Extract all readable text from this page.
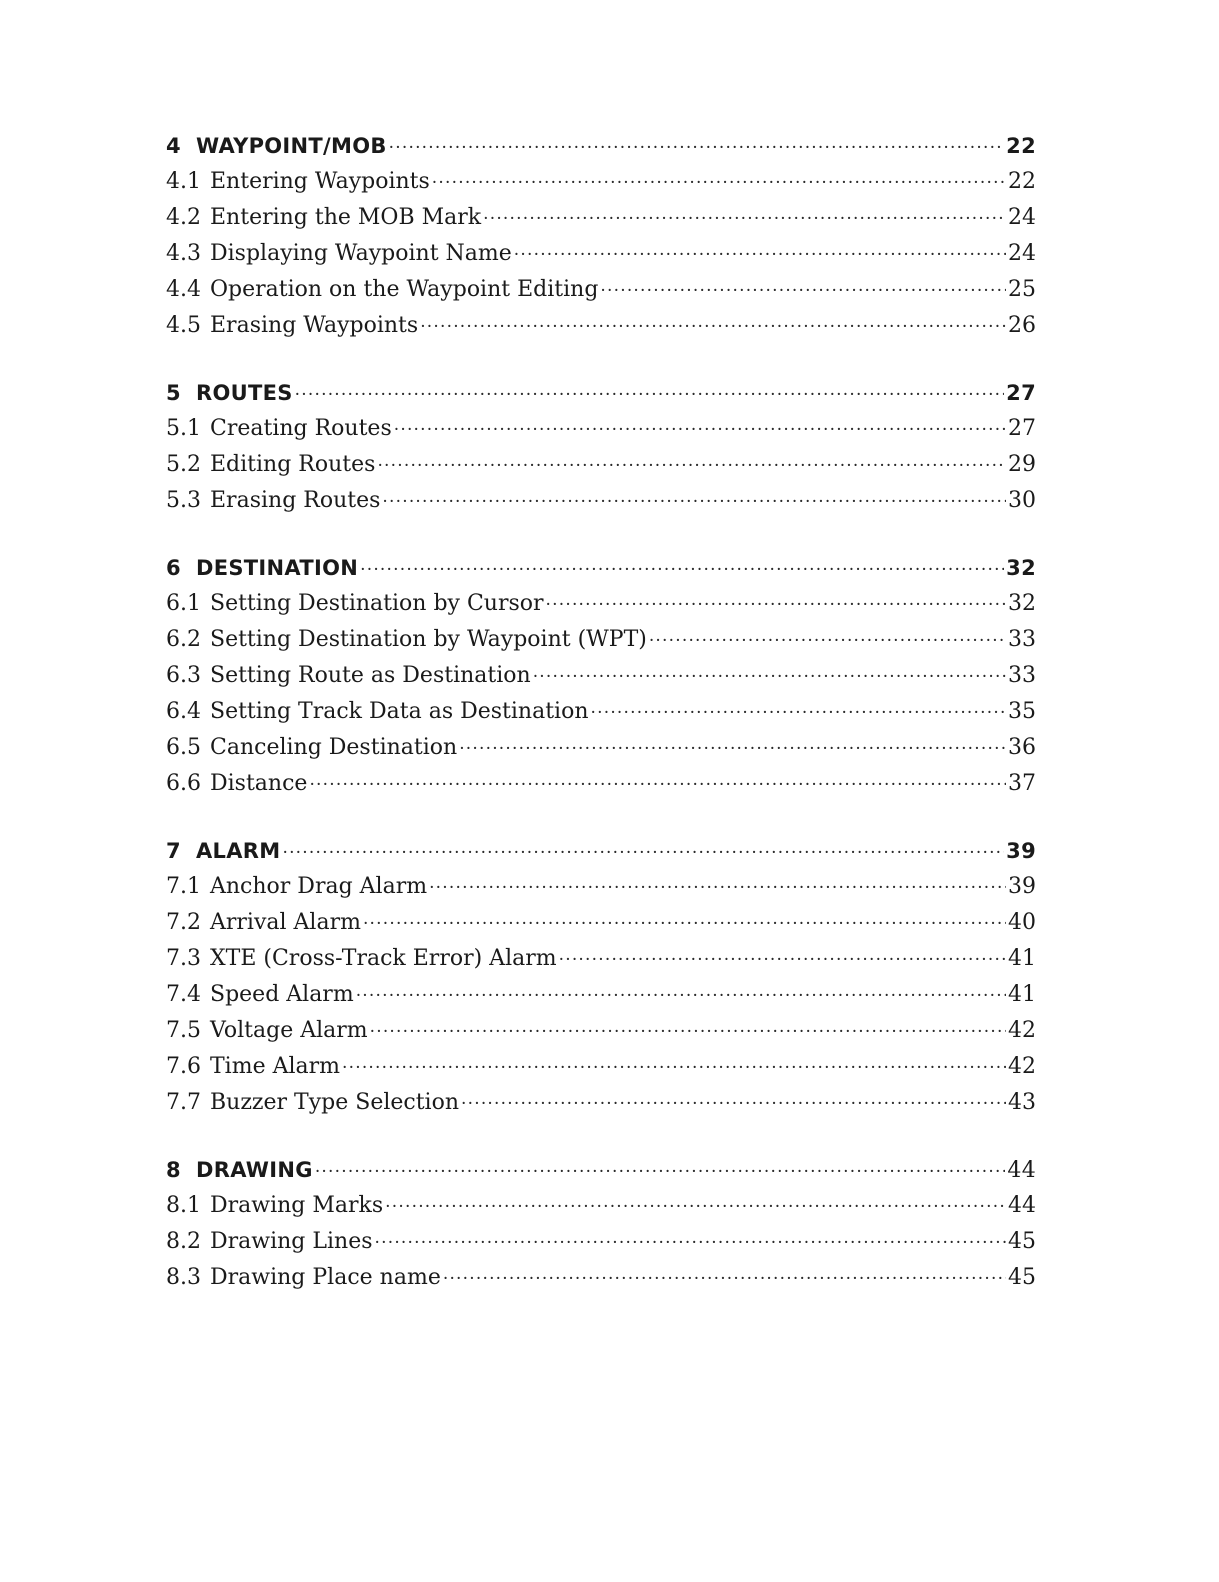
4 WAYPOINT/MOB ·····	22
4.1 Entering Waypoints ·····	22
4.2 Entering the MOB Mark ·····	24
4.3 Displaying Waypoint Name ·····	24
4.4 Operation on the Waypoint Editing ·····	25
4.5 Erasing Waypoints ·····	26
5 ROUTES ·····	27
5.1 Creating Routes ·····	27
5.2 Editing Routes ·····	29
5.3 Erasing Routes ·····	30
6 DESTINATION ·····	32
6.1 Setting Destination by Cursor ·····	32
6.2 Setting Destination by Waypoint (WPT) ·····	33
6.3 Setting Route as Destination ·····	33
6.4 Setting Track Data as Destination ·····	35
6.5 Canceling Destination ·····	36
6.6 Distance ·····	37
7 ALARM ·····	39
7.1 Anchor Drag Alarm ·····	39
7.2 Arrival Alarm ·····	40
7.3 XTE (Cross-Track Error) Alarm ·····	41
7.4 Speed Alarm ·····	41
7.5 Voltage Alarm ·····	42
7.6 Time Alarm ·····	42
7.7 Buzzer Type Selection ·····	43
8 DRAWING ·····	44
8.1 Drawing Marks ·····	44
8.2 Drawing Lines ·····	45
8.3 Drawing Place name ·····	45
